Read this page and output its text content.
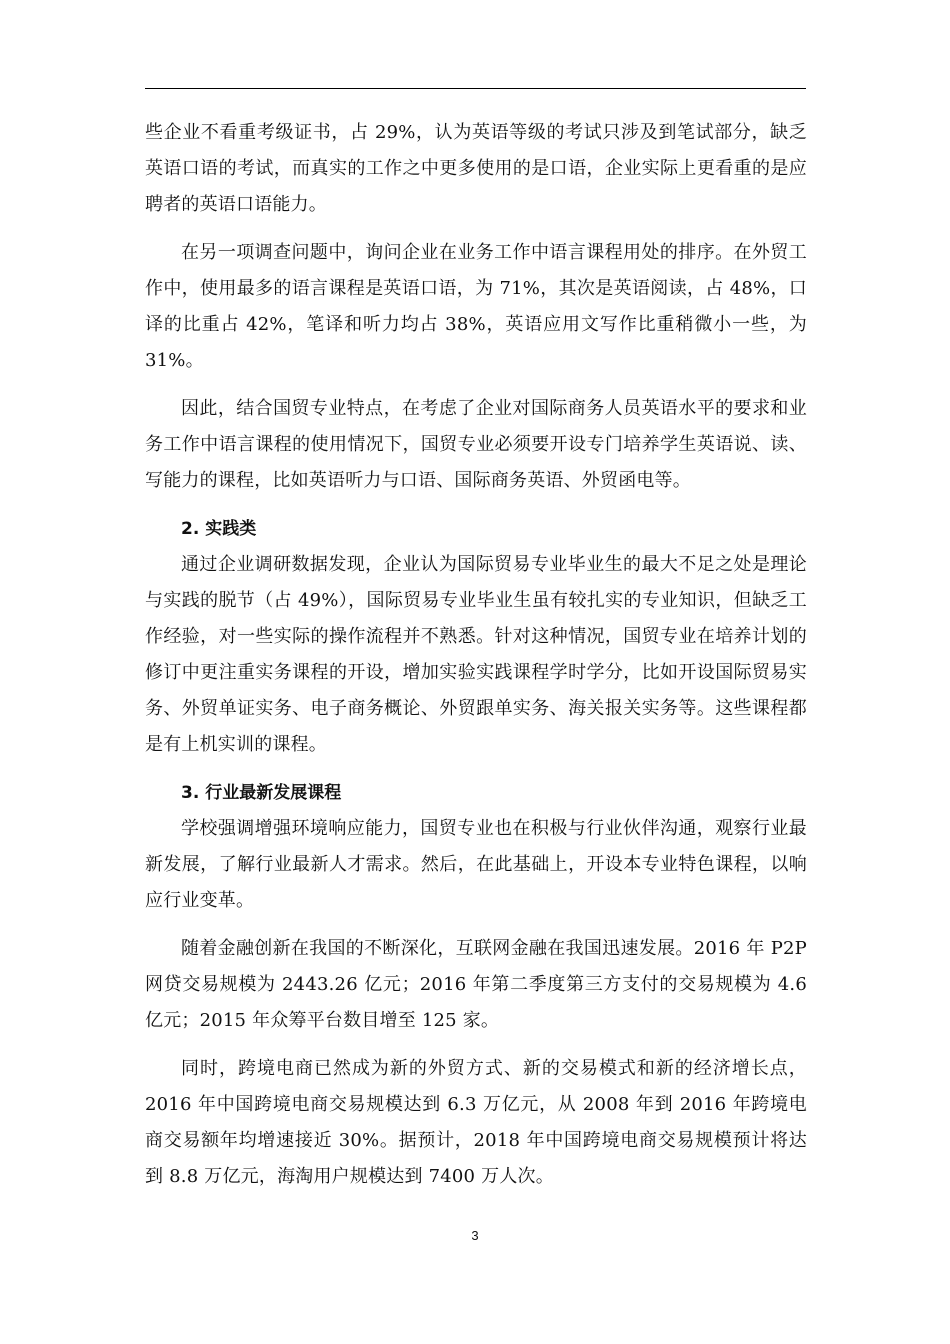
些企业不看重考级证书，占 29%，认为英语等级的考试只涉及到笔试部分，缺乏英语口语的考试，而真实的工作之中更多使用的是口语，企业实际上更看重的是应聘者的英语口语能力。

在另一项调查问题中，询问企业在业务工作中语言课程用处的排序。在外贸工作中，使用最多的语言课程是英语口语，为 71%，其次是英语阅读，占 48%，口译的比重占 42%，笔译和听力均占 38%，英语应用文写作比重稍微小一些，为 31%。

因此，结合国贸专业特点，在考虑了企业对国际商务人员英语水平的要求和业务工作中语言课程的使用情况下，国贸专业必须要开设专门培养学生英语说、读、写能力的课程，比如英语听力与口语、国际商务英语、外贸函电等。

2. 实践类

通过企业调研数据发现，企业认为国际贸易专业毕业生的最大不足之处是理论与实践的脱节（占 49%），国际贸易专业毕业生虽有较扎实的专业知识，但缺乏工作经验，对一些实际的操作流程并不熟悉。针对这种情况，国贸专业在培养计划的修订中更注重实务课程的开设，增加实验实践课程学时学分，比如开设国际贸易实务、外贸单证实务、电子商务概论、外贸跟单实务、海关报关实务等。这些课程都是有上机实训的课程。

3. 行业最新发展课程

学校强调增强环境响应能力，国贸专业也在积极与行业伙伴沟通，观察行业最新发展，了解行业最新人才需求。然后，在此基础上，开设本专业特色课程，以响应行业变革。

随着金融创新在我国的不断深化，互联网金融在我国迅速发展。2016 年 P2P 网贷交易规模为 2443.26 亿元；2016 年第二季度第三方支付的交易规模为 4.6 亿元；2015 年众筹平台数目增至 125 家。

同时，跨境电商已然成为新的外贸方式、新的交易模式和新的经济增长点，2016 年中国跨境电商交易规模达到 6.3 万亿元，从 2008 年到 2016 年跨境电商交易额年均增速接近 30%。据预计，2018 年中国跨境电商交易规模预计将达到 8.8 万亿元，海淘用户规模达到 7400 万人次。

3
